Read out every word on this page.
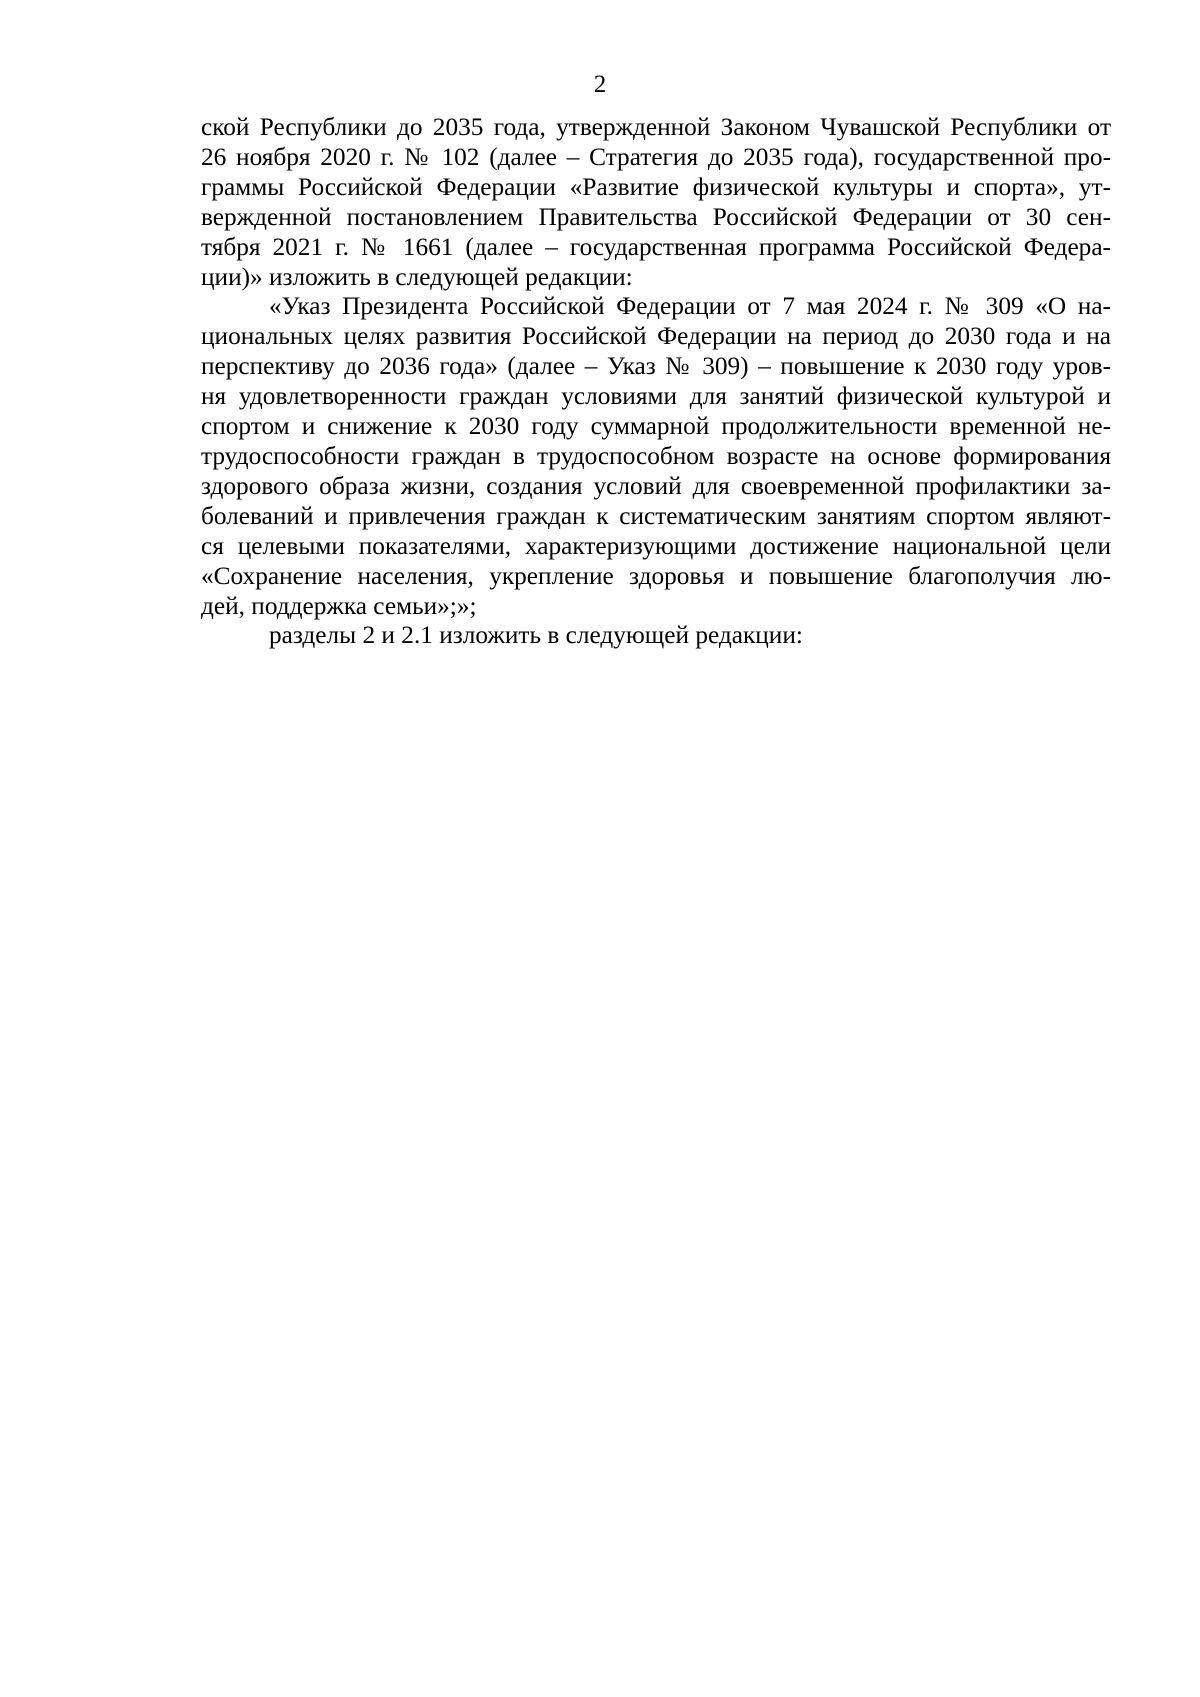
2
ской Республики до 2035 года, утвержденной Законом Чувашской Республики от
26 ноября 2020 г. № 102 (далее – Стратегия до 2035 года), государственной про-
граммы Российской Федерации «Развитие физической культуры и спорта», ут-
вержденной постановлением Правительства Российской Федерации от 30 сен-
тября 2021 г. № 1661 (далее – государственная программа Российской Федера-
ции)» изложить в следующей редакции:
«Указ Президента Российской Федерации от 7 мая 2024 г. № 309 «О на-
циональных целях развития Российской Федерации на период до 2030 года и на
перспективу до 2036 года» (далее – Указ № 309) – повышение к 2030 году уров-
ня удовлетворенности граждан условиями для занятий физической культурой и
спортом и снижение к 2030 году суммарной продолжительности временной не-
трудоспособности граждан в трудоспособном возрасте на основе формирования
здорового образа жизни, создания условий для своевременной профилактики за-
болеваний и привлечения граждан к систематическим занятиям спортом являют-
ся целевыми показателями, характеризующими достижение национальной цели
«Сохранение населения, укрепление здоровья и повышение благополучия лю-
дей, поддержка семьи»;»;
разделы 2 и 2.1 изложить в следующей редакции:
